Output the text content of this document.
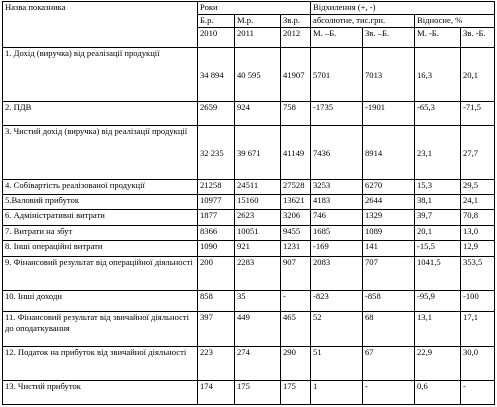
Назва показника	Роки			Відхилення (+, -)			
	Б.р.	М.р.	Зв.р.	абсолютне, тис.грн.		Відносне, %	
	2010	2011	2012	М. –Б.	Зв. –Б.	М. -Б.	Зв. -Б.
1. Дохід (виручка) від реалізації продукції	34 894	40 595	41907	5701	7013	16,3	20,1

2. ПДВ	2659	924	758	-1735	-1901	-65,3	-71,5
3. Чистий дохід (виручка) від реалізації продукції	32 235	39 671	41149	7436	8914	23,1	27,7

4. Собівартість реалізованої продукції	21258	24511	27528	3253	6270	15,3	29,5
5.Валовий прибуток	10977	15160	13621	4183	2644	38,1	24,1
6. Адміністративні витрати	1877	2623	3206	746	1329	39,7	70,8
7. Витрати на збут	8366	10051	9455	1685	1089	20,1	13,0
8. Інші операційні витрати	1090	921	1231	-169	141	-15,5	12,9
9. Фінансовий результат від операційної діяльності	200	2283	907	2083	707	1041,5	353,5
10. Інші доходи	858	35	-	-823	-858	-95,9	-100
11. Фінансовий результат від звичайної діяльності до оподаткування	397	449	465	52	68	13,1	17,1
12. Податок на прибуток від звичайної діяльності	223	274	290	51	67	22,9	30,0
13. Чистий прибуток	174	175	175	1	-	0,6	-
